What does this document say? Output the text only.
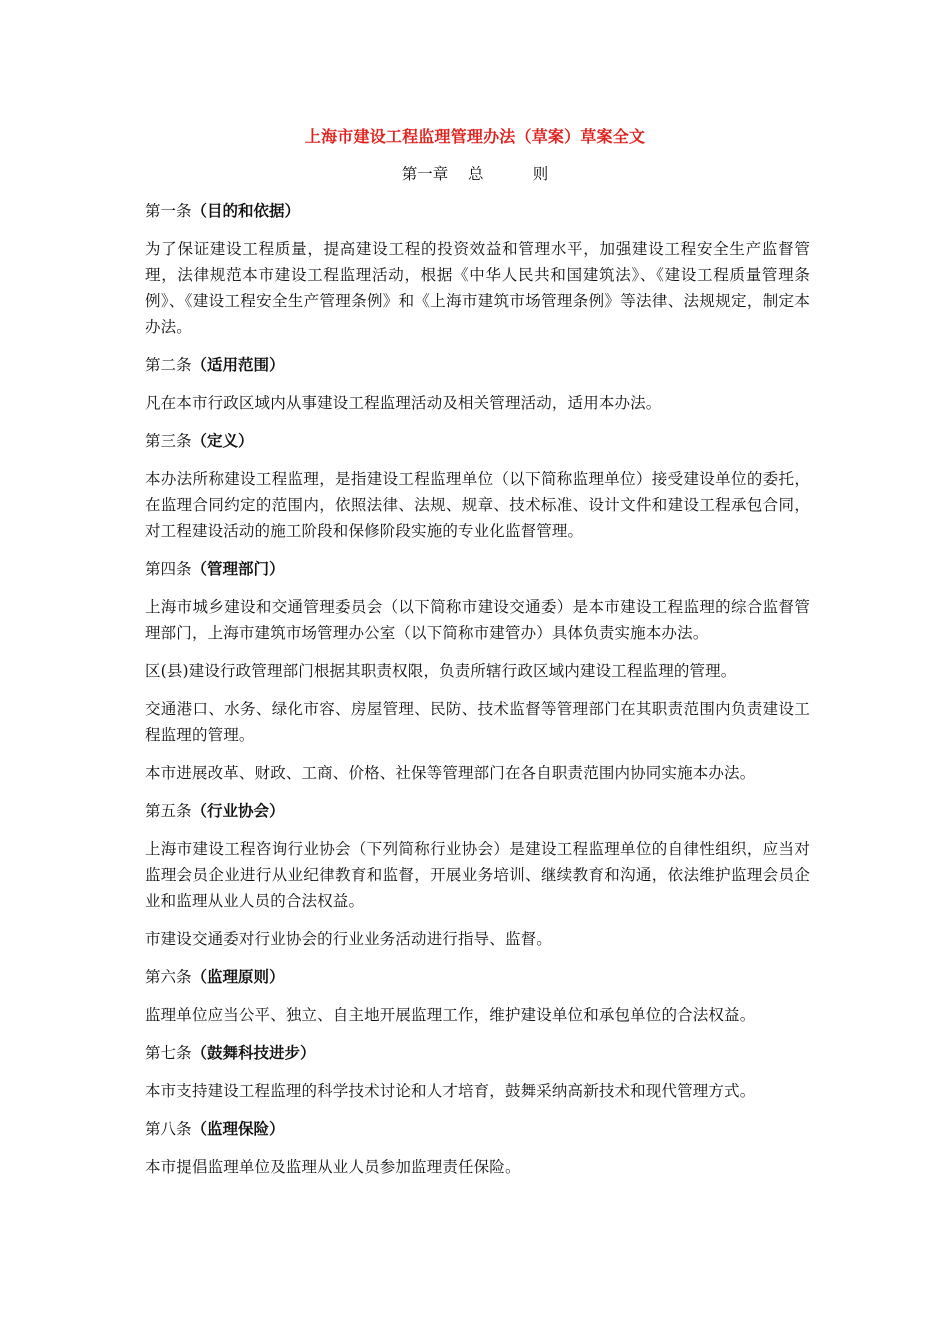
上海市建设工程监理管理办法（草案）草案全文
第一章    总          则
第一条（目的和依据）

为了保证建设工程质量，提高建设工程的投资效益和管理水平，加强建设工程安全生产监督管理，法律规范本市建设工程监理活动，根据《中华人民共和国建筑法》、《建设工程质量管理条例》、《建设工程安全生产管理条例》和《上海市建筑市场管理条例》等法律、法规规定，制定本办法。

第二条（适用范围）

凡在本市行政区域内从事建设工程监理活动及相关管理活动，适用本办法。

第三条（定义）

本办法所称建设工程监理，是指建设工程监理单位（以下简称监理单位）接受建设单位的委托，在监理合同约定的范围内，依照法律、法规、规章、技术标准、设计文件和建设工程承包合同，对工程建设活动的施工阶段和保修阶段实施的专业化监督管理。

第四条（管理部门）

上海市城乡建设和交通管理委员会（以下简称市建设交通委）是本市建设工程监理的综合监督管理部门，上海市建筑市场管理办公室（以下简称市建管办）具体负责实施本办法。

区(县)建设行政管理部门根据其职责权限，负责所辖行政区域内建设工程监理的管理。

交通港口、水务、绿化市容、房屋管理、民防、技术监督等管理部门在其职责范围内负责建设工程监理的管理。

本市进展改革、财政、工商、价格、社保等管理部门在各自职责范围内协同实施本办法。

第五条（行业协会）

上海市建设工程咨询行业协会（下列简称行业协会）是建设工程监理单位的自律性组织，应当对监理会员企业进行从业纪律教育和监督，开展业务培训、继续教育和沟通，依法维护监理会员企业和监理从业人员的合法权益。

市建设交通委对行业协会的行业业务活动进行指导、监督。

第六条（监理原则）

监理单位应当公平、独立、自主地开展监理工作，维护建设单位和承包单位的合法权益。

第七条（鼓舞科技进步）

本市支持建设工程监理的科学技术讨论和人才培育，鼓舞采纳高新技术和现代管理方式。

第八条（监理保险）

本市提倡监理单位及监理从业人员参加监理责任保险。
